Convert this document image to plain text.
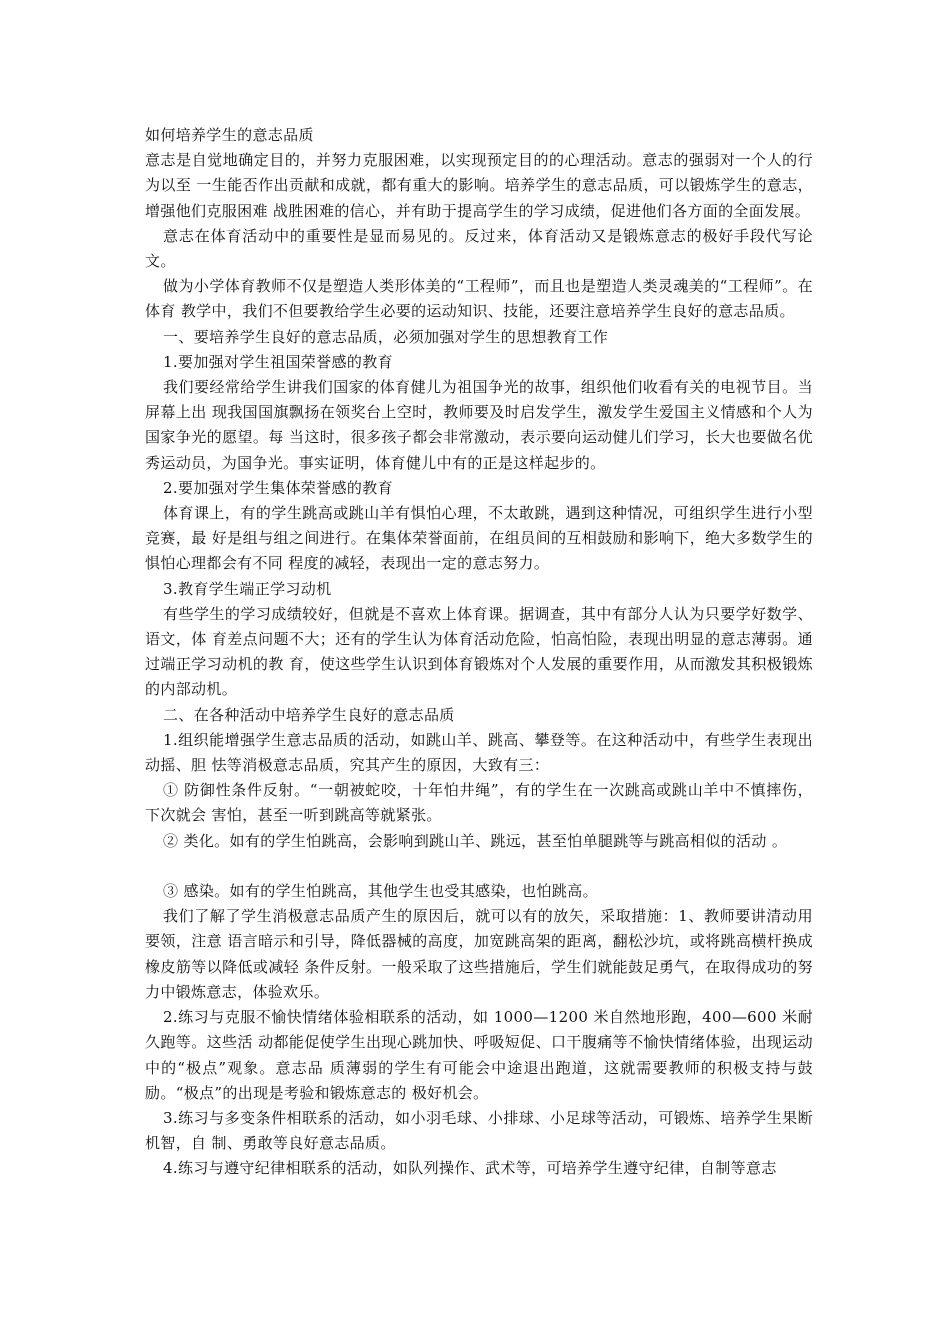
如何培养学生的意志品质
意志是自觉地确定目的，并努力克服困难，以实现预定目的的心理活动。意志的强弱对一个人的行为以至 一生能否作出贡献和成就，都有重大的影响。培养学生的意志品质，可以锻炼学生的意志，增强他们克服困难 战胜困难的信心，并有助于提高学生的学习成绩，促进他们各方面的全面发展。
意志在体育活动中的重要性是显而易见的。反过来，体育活动又是锻炼意志的极好手段代写论文。
做为小学体育教师不仅是塑造人类形体美的“工程师”，而且也是塑造人类灵魂美的“工程师”。在体育 教学中，我们不但要教给学生必要的运动知识、技能，还要注意培养学生良好的意志品质。
一、要培养学生良好的意志品质，必须加强对学生的思想教育工作
1.要加强对学生祖国荣誉感的教育
我们要经常给学生讲我们国家的体育健儿为祖国争光的故事，组织他们收看有关的电视节目。当屏幕上出 现我国国旗飘扬在领奖台上空时，教师要及时启发学生，激发学生爱国主义情感和个人为国家争光的愿望。每 当这时，很多孩子都会非常激动，表示要向运动健儿们学习，长大也要做名优秀运动员，为国争光。事实证明，体育健儿中有的正是这样起步的。
2.要加强对学生集体荣誉感的教育
体育课上，有的学生跳高或跳山羊有惧怕心理，不太敢跳，遇到这种情况，可组织学生进行小型竞赛，最 好是组与组之间进行。在集体荣誉面前，在组员间的互相鼓励和影响下，绝大多数学生的惧怕心理都会有不同 程度的减轻，表现出一定的意志努力。
3.教育学生端正学习动机
有些学生的学习成绩较好，但就是不喜欢上体育课。据调查，其中有部分人认为只要学好数学、语文，体 育差点问题不大；还有的学生认为体育活动危险，怕高怕险，表现出明显的意志薄弱。通过端正学习动机的教 育，使这些学生认识到体育锻炼对个人发展的重要作用，从而激发其积极锻炼的内部动机。
二、在各种活动中培养学生良好的意志品质
1.组织能增强学生意志品质的活动，如跳山羊、跳高、攀登等。在这种活动中，有些学生表现出动摇、胆 怯等消极意志品质，究其产生的原因，大致有三：
① 防御性条件反射。“一朝被蛇咬，十年怕井绳”，有的学生在一次跳高或跳山羊中不慎摔伤，下次就会 害怕，甚至一听到跳高等就紧张。
② 类化。如有的学生怕跳高，会影响到跳山羊、跳远，甚至怕单腿跳等与跳高相似的活动 。
③ 感染。如有的学生怕跳高，其他学生也受其感染，也怕跳高。
我们了解了学生消极意志品质产生的原因后，就可以有的放矢，采取措施：1、教师要讲清动用要领，注意 语言暗示和引导，降低器械的高度，加宽跳高架的距离，翻松沙坑，或将跳高横杆换成橡皮筋等以降低或减轻 条件反射。一般采取了这些措施后，学生们就能鼓足勇气，在取得成功的努力中锻炼意志，体验欢乐。
2.练习与克服不愉快情绪体验相联系的活动，如 1000—1200 米自然地形跑，400—600 米耐久跑等。这些活 动都能促使学生出现心跳加快、呼吸短促、口干腹痛等不愉快情绪体验，出现运动中的“极点”观象。意志品 质薄弱的学生有可能会中途退出跑道，这就需要教师的积极支持与鼓励。“极点”的出现是考验和锻炼意志的 极好机会。
3.练习与多变条件相联系的活动，如小羽毛球、小排球、小足球等活动，可锻炼、培养学生果断机智，自 制、勇敢等良好意志品质。
4.练习与遵守纪律相联系的活动，如队列操作、武术等，可培养学生遵守纪律，自制等意志
